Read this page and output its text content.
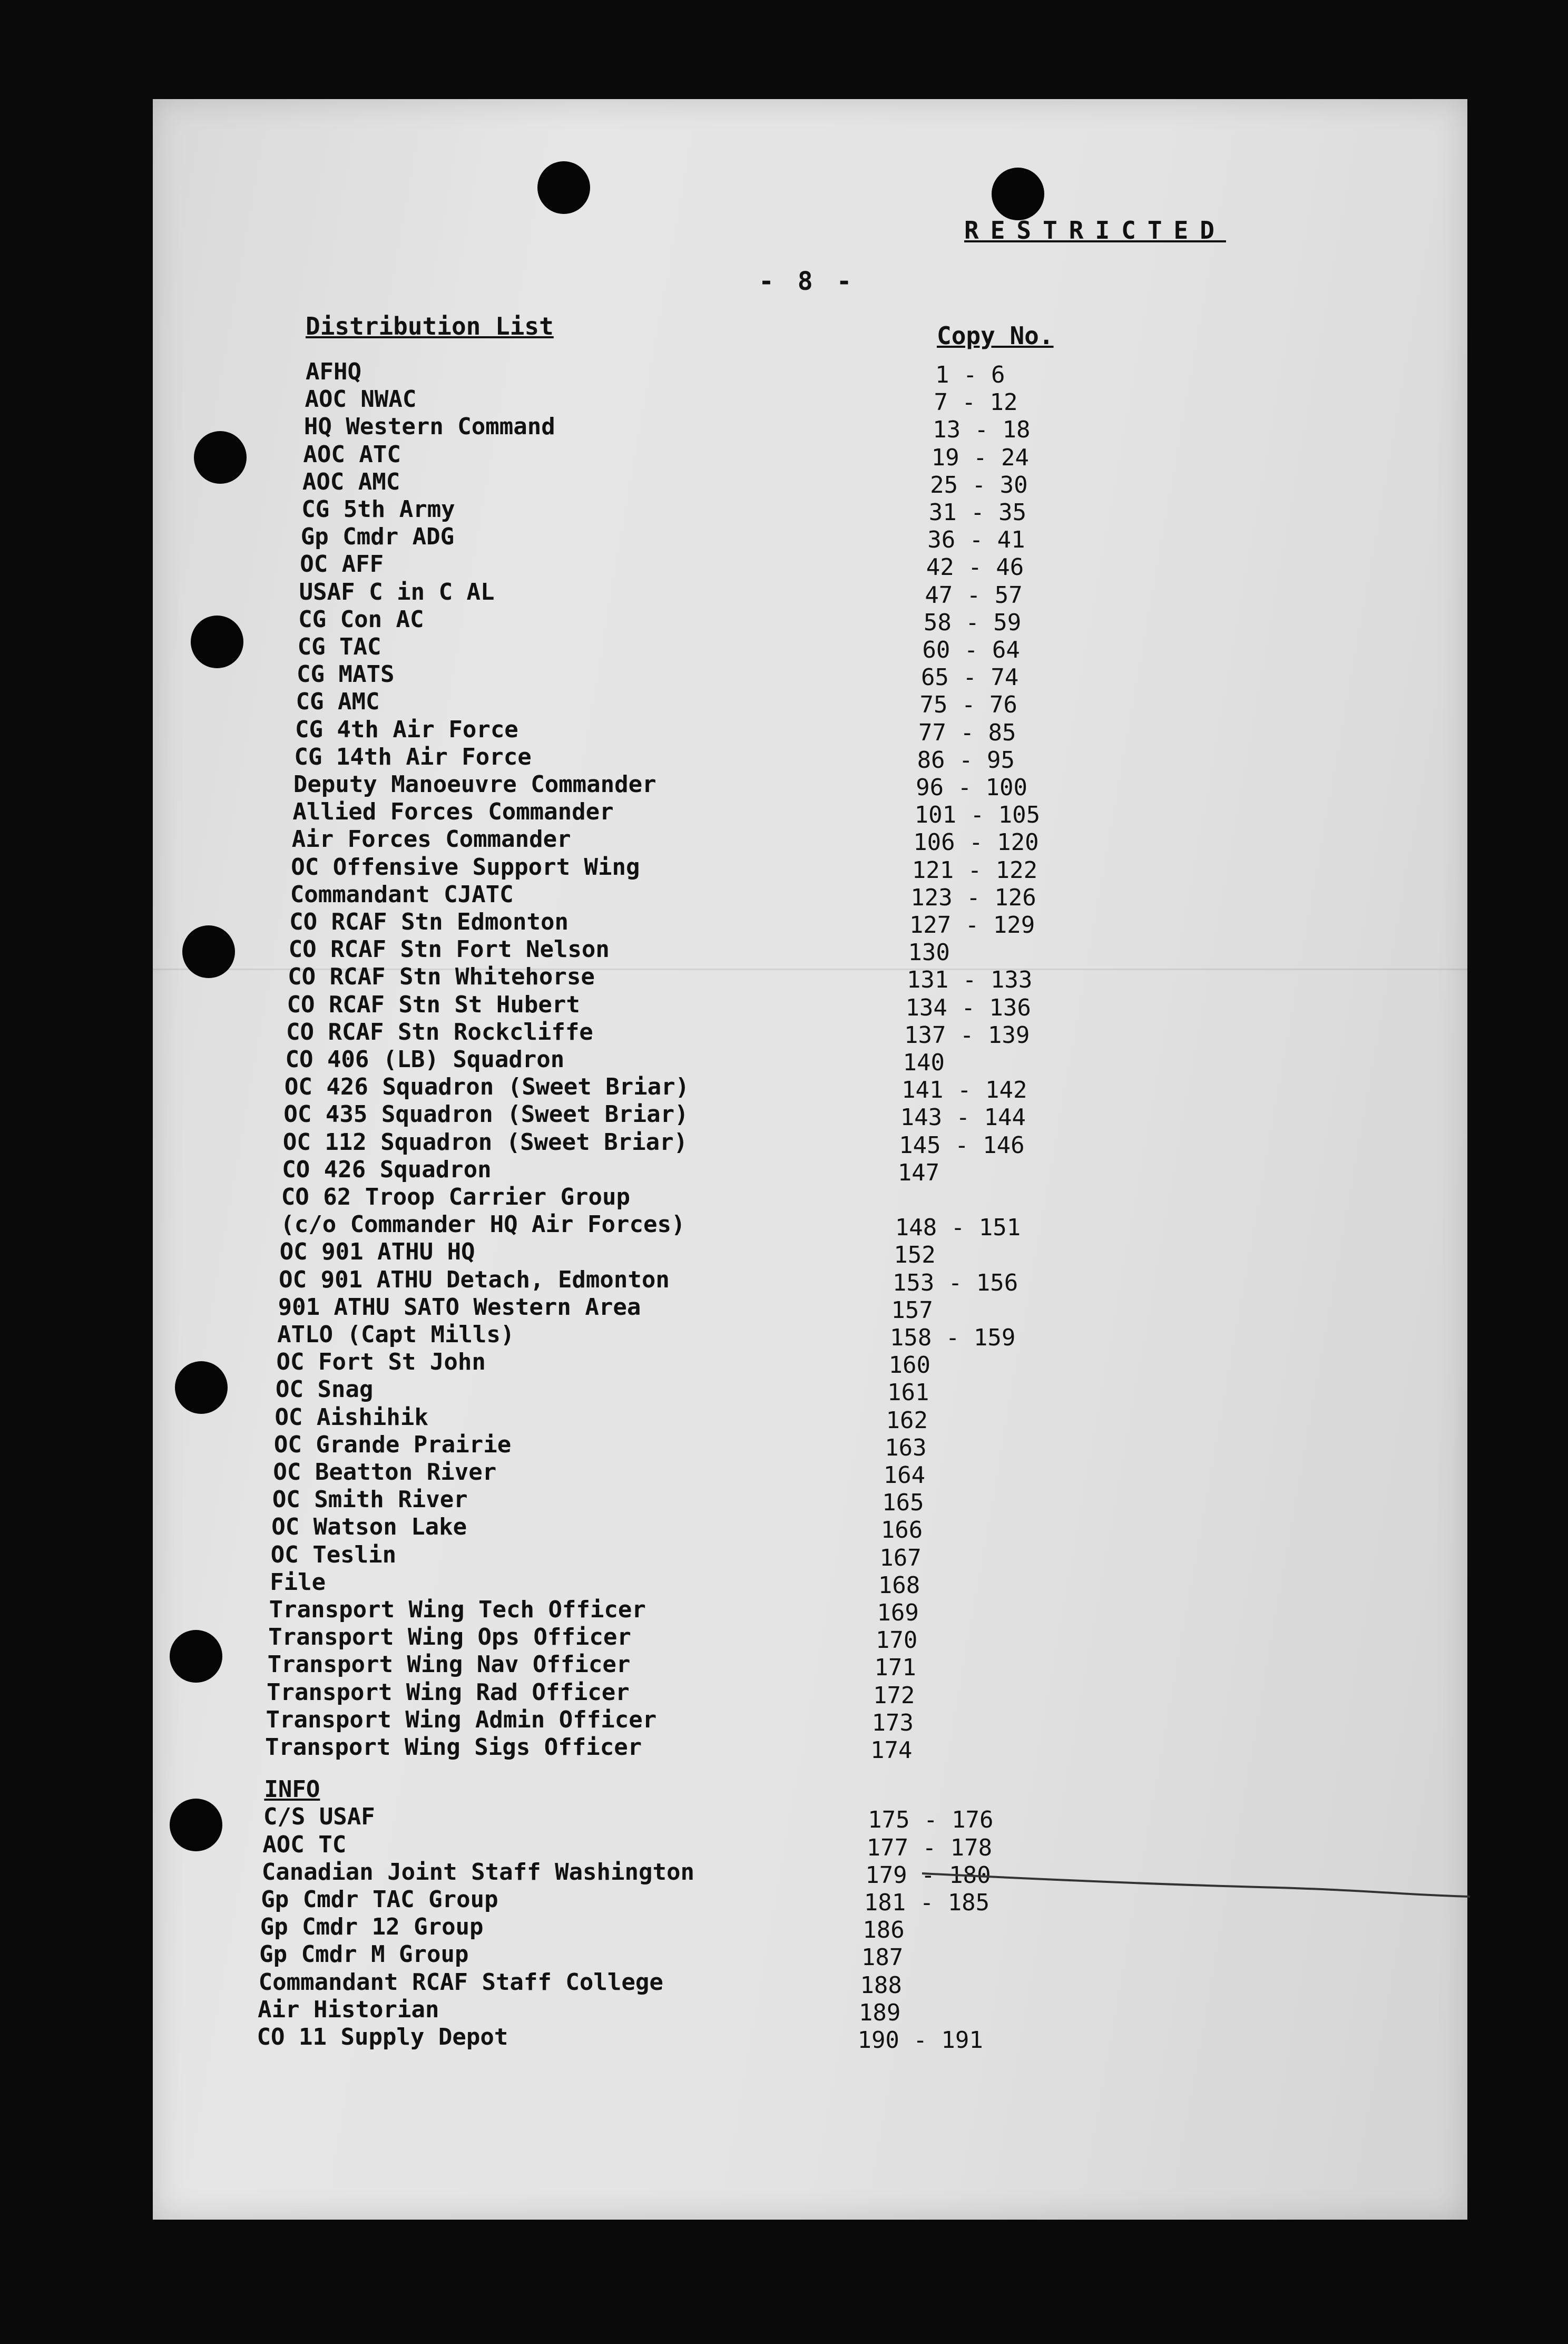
RESTRICTED
- 8 -
Distribution List	Copy No.
AFHQ	1 - 6
AOC NWAC	7 - 12
HQ Western Command	13 - 18
AOC ATC	19 - 24
AOC AMC	25 - 30
CG 5th Army	31 - 35
Gp Cmdr ADG	36 - 41
OC AFF	42 - 46
USAF C in C AL	47 - 57
CG Con AC	58 - 59
CG TAC	60 - 64
CG MATS	65 - 74
CG AMC	75 - 76
CG 4th Air Force	77 - 85
CG 14th Air Force	86 - 95
Deputy Manoeuvre Commander	96 - 100
Allied Forces Commander	101 - 105
Air Forces Commander	106 - 120
OC Offensive Support Wing	121 - 122
Commandant CJATC	123 - 126
CO RCAF Stn Edmonton	127 - 129
CO RCAF Stn Fort Nelson	130
CO RCAF Stn Whitehorse	131 - 133
CO RCAF Stn St Hubert	134 - 136
CO RCAF Stn Rockcliffe	137 - 139
CO 406 (LB) Squadron	140
OC 426 Squadron (Sweet Briar)	141 - 142
OC 435 Squadron (Sweet Briar)	143 - 144
OC 112 Squadron (Sweet Briar)	145 - 146
CO 426 Squadron	147
CO 62 Troop Carrier Group
(c/o Commander HQ Air Forces)	148 - 151
OC 901 ATHU HQ	152
OC 901 ATHU Detach, Edmonton	153 - 156
901 ATHU SATO Western Area	157
ATLO (Capt Mills)	158 - 159
OC Fort St John	160
OC Snag	161
OC Aishihik	162
OC Grande Prairie	163
OC Beatton River	164
OC Smith River	165
OC Watson Lake	166
OC Teslin	167
File	168
Transport Wing Tech Officer	169
Transport Wing Ops Officer	170
Transport Wing Nav Officer	171
Transport Wing Rad Officer	172
Transport Wing Admin Officer	173
Transport Wing Sigs Officer	174
INFO
C/S USAF	175 - 176
AOC TC	177 - 178
Canadian Joint Staff Washington	179 - 180
Gp Cmdr TAC Group	181 - 185
Gp Cmdr 12 Group	186
Gp Cmdr M Group	187
Commandant RCAF Staff College	188
Air Historian	189
CO 11 Supply Depot	190 - 191
